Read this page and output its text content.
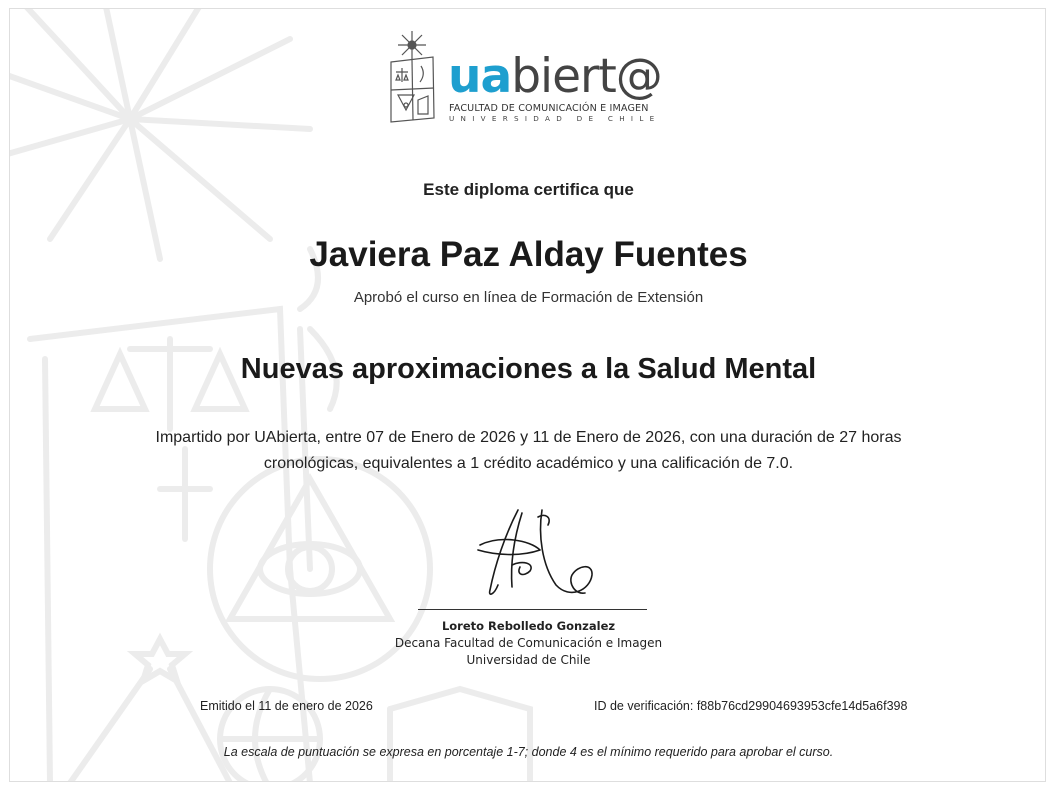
uabiert@
FACULTAD DE COMUNICACIÓN E IMAGEN
UNIVERSIDAD DE CHILE
Este diploma certifica que
Javiera Paz Alday Fuentes
Aprobó el curso en línea de Formación de Extensión
Nuevas aproximaciones a la Salud Mental
Impartido por UAbierta, entre 07 de Enero de 2026 y 11 de Enero de 2026, con una duración de 27 horas
cronológicas, equivalentes a 1 crédito académico y una calificación de 7.0.
Loreto Rebolledo Gonzalez
Decana Facultad de Comunicación e Imagen
Universidad de Chile
Emitido el 11 de enero de 2026	ID de verificación: f88b76cd29904693953cfe14d5a6f398
La escala de puntuación se expresa en porcentaje 1-7; donde 4 es el mínimo requerido para aprobar el curso.
